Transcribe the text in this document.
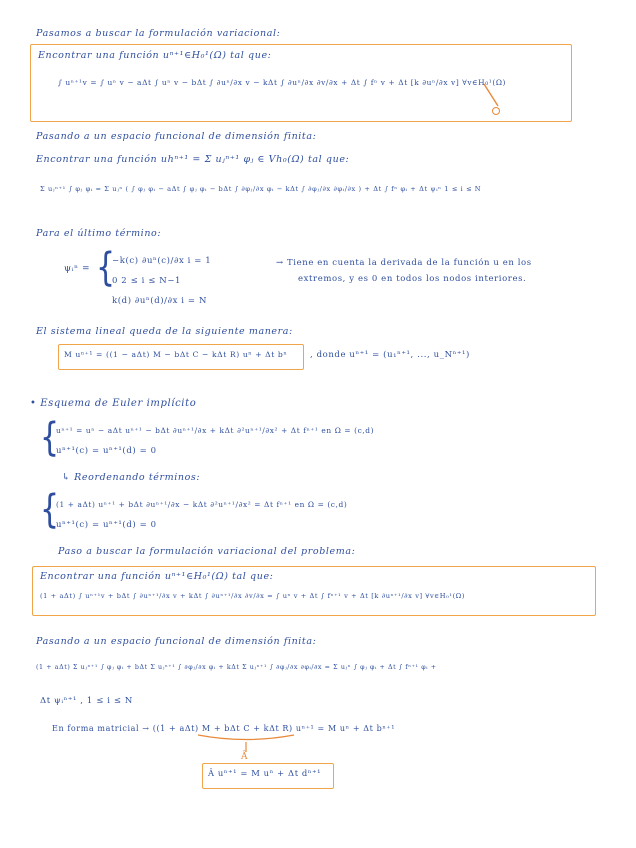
Pasamos a buscar la formulación variacional:
Encontrar una función uⁿ⁺¹∈H₀¹(Ω) tal que:
∫ uⁿ⁺¹v = ∫ uⁿ v − aΔt ∫ uⁿ v − bΔt ∫ ∂uⁿ/∂x v − kΔt ∫ ∂uⁿ/∂x ∂v/∂x + Δt ∫ fⁿ v + Δt [k ∂uⁿ/∂x v] ∀v∈H₀¹(Ω)
Pasando a un espacio funcional de dimensión finita:
Encontrar una función uhⁿ⁺¹ = Σ uⱼⁿ⁺¹ φⱼ ∈ Vh₀(Ω) tal que:
Σ uⱼⁿ⁺¹ ∫ φⱼ φᵢ = Σ uⱼⁿ ( ∫ φⱼ φᵢ − aΔt ∫ φⱼ φᵢ − bΔt ∫ ∂φⱼ/∂x φᵢ − kΔt ∫ ∂φⱼ/∂x ∂φᵢ/∂x ) + Δt ∫ fⁿ φᵢ + Δt ψᵢⁿ 1 ≤ i ≤ N
Para el último término:
ψᵢⁿ = {
−k(c) ∂uⁿ(c)/∂x i = 1
0 2 ≤ i ≤ N−1
k(d) ∂uⁿ(d)/∂x i = N
→ Tiene en cuenta la derivada de la función u en los
extremos, y es 0 en todos los nodos interiores.
El sistema lineal queda de la siguiente manera:
M uⁿ⁺¹ = ((1 − aΔt) M − bΔt C − kΔt R) uⁿ + Δt bⁿ	, donde uⁿ⁺¹ = (u₁ⁿ⁺¹, ..., u_Nⁿ⁺¹)
• Esquema de Euler implícito
{
uⁿ⁺¹ = uⁿ − aΔt uⁿ⁺¹ − bΔt ∂uⁿ⁺¹/∂x + kΔt ∂²uⁿ⁺¹/∂x² + Δt fⁿ⁺¹ en Ω = (c,d)
uⁿ⁺¹(c) = uⁿ⁺¹(d) = 0
↳ Reordenando términos:
{
(1 + aΔt) uⁿ⁺¹ + bΔt ∂uⁿ⁺¹/∂x − kΔt ∂²uⁿ⁺¹/∂x² = Δt fⁿ⁺¹ en Ω = (c,d)
uⁿ⁺¹(c) = uⁿ⁺¹(d) = 0
Paso a buscar la formulación variacional del problema:
Encontrar una función uⁿ⁺¹∈H₀¹(Ω) tal que:
(1 + aΔt) ∫ uⁿ⁺¹v + bΔt ∫ ∂uⁿ⁺¹/∂x v + kΔt ∫ ∂uⁿ⁺¹/∂x ∂v/∂x = ∫ uⁿ v + Δt ∫ fⁿ⁺¹ v + Δt [k ∂uⁿ⁺¹/∂x v] ∀v∈H₀¹(Ω)
Pasando a un espacio funcional de dimensión finita:
(1 + aΔt) Σ uⱼⁿ⁺¹ ∫ φⱼ φᵢ + bΔt Σ uⱼⁿ⁺¹ ∫ ∂φⱼ/∂x φᵢ + kΔt Σ uⱼⁿ⁺¹ ∫ ∂φⱼ/∂x ∂φᵢ/∂x = Σ uⱼⁿ ∫ φⱼ φᵢ + Δt ∫ fⁿ⁺¹ φᵢ +
Δt ψᵢⁿ⁺¹ , 1 ≤ i ≤ N
En forma matricial → ((1 + aΔt) M + bΔt C + kΔt R) uⁿ⁺¹ = M uⁿ + Δt bⁿ⁺¹
Â
Â uⁿ⁺¹ = M uⁿ + Δt dⁿ⁺¹
